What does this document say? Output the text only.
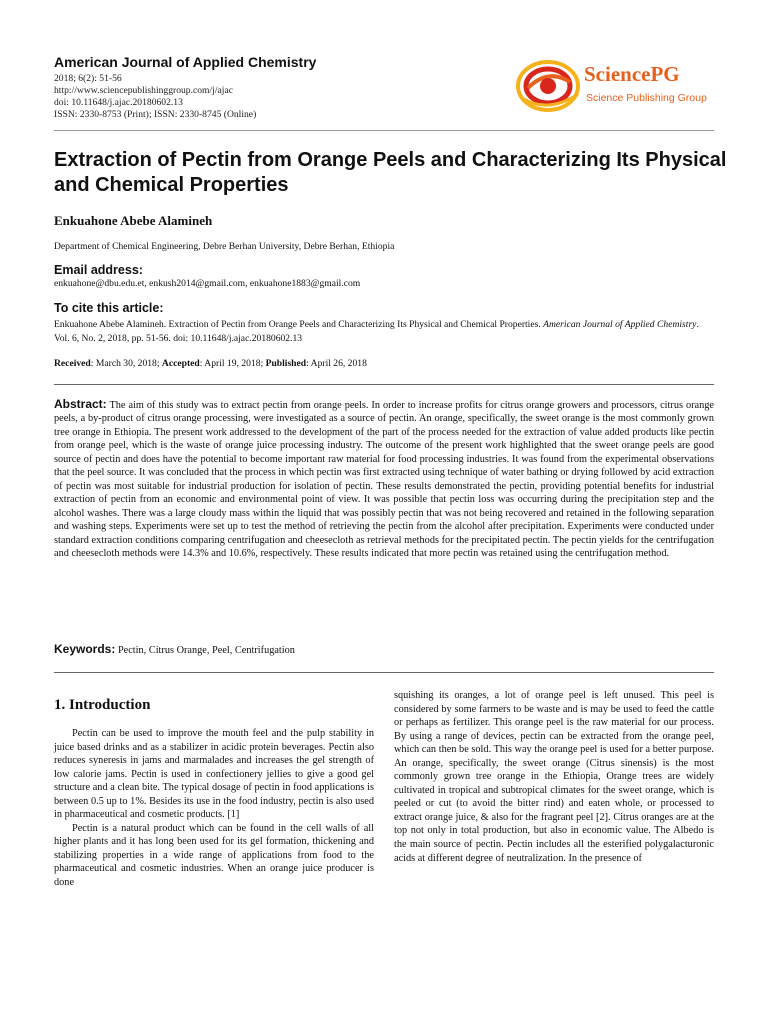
American Journal of Applied Chemistry
2018; 6(2): 51-56
http://www.sciencepublishinggroup.com/j/ajac
doi: 10.11648/j.ajac.20180602.13
ISSN: 2330-8753 (Print); ISSN: 2330-8745 (Online)
SciencePG
Science Publishing Group
Extraction of Pectin from Orange Peels and Characterizing Its Physical and Chemical Properties
Enkuahone Abebe Alamineh
Department of Chemical Engineering, Debre Berhan University, Debre Berhan, Ethiopia
Email address:
enkuahone@dbu.edu.et, enkush2014@gmail.com, enkuahone1883@gmail.com
To cite this article:
Enkuahone Abebe Alamineh. Extraction of Pectin from Orange Peels and Characterizing Its Physical and Chemical Properties. American Journal of Applied Chemistry. Vol. 6, No. 2, 2018, pp. 51-56. doi: 10.11648/j.ajac.20180602.13
Received: March 30, 2018; Accepted: April 19, 2018; Published: April 26, 2018
Abstract: The aim of this study was to extract pectin from orange peels. In order to increase profits for citrus orange growers and processors, citrus orange peels, a by-product of citrus orange processing, were investigated as a source of pectin. An orange, specifically, the sweet orange is the most commonly grown tree orange in Ethiopia. The present work addressed to the development of the part of the process needed for the extraction of value added products like pectin from orange peel, which is the waste of orange juice processing industry. The outcome of the present work highlighted that the sweet orange peels are good source of pectin and does have the potential to become important raw material for food processing industries. It was found from the experimental observations that the peel source. It was concluded that the process in which pectin was first extracted using technique of water bathing or drying followed by acid extraction of pectin was most suitable for industrial production for isolation of pectin. These results demonstrated the pectin, providing potential benefits for industrial extraction of pectin from an economic and environmental point of view. It was possible that pectin loss was occurring during the precipitation step and the alcohol washes. There was a large cloudy mass within the liquid that was possibly pectin that was not being recovered and retained in the following separation and washing steps. Experiments were set up to test the method of retrieving the pectin from the alcohol after precipitation. Experiments were conducted under standard extraction conditions comparing centrifugation and cheesecloth as retrieval methods for the precipitated pectin. The pectin yields for the centrifugation and cheesecloth methods were 14.3% and 10.6%, respectively. These results indicated that more pectin was retained using the centrifugation method.
Keywords: Pectin, Citrus Orange, Peel, Centrifugation
1. Introduction

Pectin can be used to improve the mouth feel and the pulp stability in juice based drinks and as a stabilizer in acidic protein beverages. Pectin also reduces syneresis in jams and marmalades and increases the gel strength of low calorie jams. Pectin is used in confectionery jellies to give a good gel structure and a clean bite. The typical dosage of pectin in food applications is between 0.5 up to 1%. Besides its use in the food industry, pectin is also used in pharmaceutical and cosmetic products. [1]

Pectin is a natural product which can be found in the cell walls of all higher plants and it has long been used for its gel formation, thickening and stabilizing properties in a wide range of applications from food to the pharmaceutical and cosmetic industries. When an orange juice producer is done

squishing its oranges, a lot of orange peel is left unused. This peel is considered by some farmers to be waste and is may be used to feed the cattle or perhaps as fertilizer. This orange peel is the raw material for our process. By using a range of devices, pectin can be extracted from the orange peel, which can then be sold. This way the orange peel is used for a better purpose. An orange, specifically, the sweet orange (Citrus sinensis) is the most commonly grown tree orange in the Ethiopia, Orange trees are widely cultivated in tropical and subtropical climates for the sweet orange, which is peeled or cut (to avoid the bitter rind) and eaten whole, or processed to extract orange juice, & also for the fragrant peel [2]. Citrus oranges are at the top not only in total production, but also in economic value. The Albedo is the main source of pectin. Pectin includes all the esterified polygalacturonic acids at different degree of neutralization. In the presence of
